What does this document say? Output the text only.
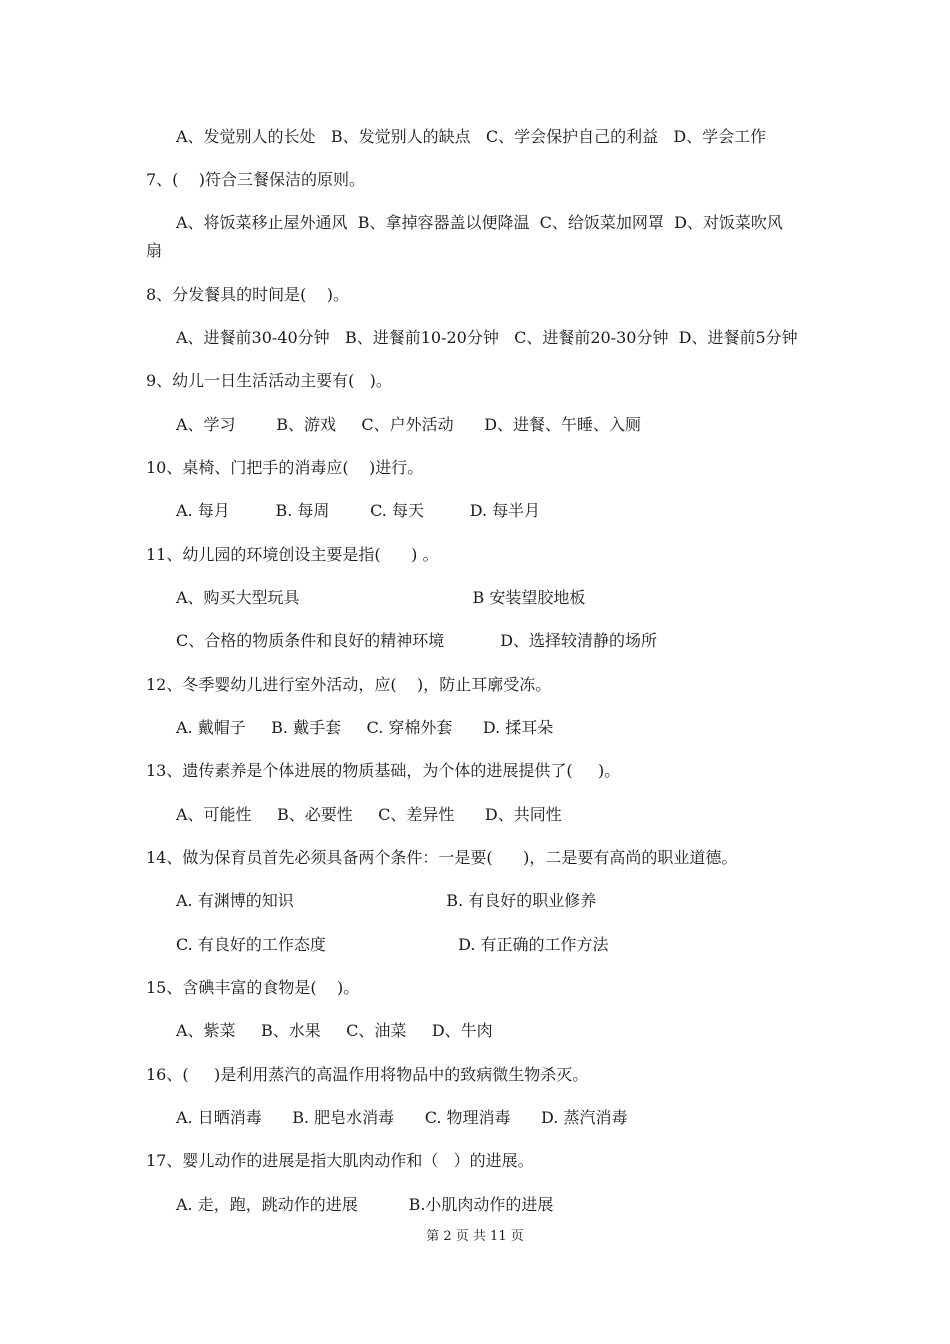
A、发觉别人的长处   B、发觉别人的缺点   C、学会保护自己的利益   D、学会工作

7、(    )符合三餐保洁的原则。

A、将饭菜移止屋外通风  B、拿掉容器盖以便降温  C、给饭菜加网罩  D、对饭菜吹风

扇

8、分发餐具的时间是(    )。

A、进餐前30-40分钟   B、进餐前10-20分钟   C、进餐前20-30分钟  D、进餐前5分钟

9、幼儿一日生活活动主要有(   )。

A、学习        B、游戏     C、户外活动      D、进餐、午睡、入厕

10、桌椅、门把手的消毒应(    )进行。

A. 每月         B. 每周        C. 每天         D. 每半月

11、幼儿园的环境创设主要是指(      ) 。

A、购买大型玩具                                  B 安装望胶地板

C、合格的物质条件和良好的精神环境           D、选择较清静的场所

12、冬季婴幼儿进行室外活动，应(    )，防止耳廓受冻。

A. 戴帽子     B. 戴手套     C. 穿棉外套      D. 揉耳朵

13、遗传素养是个体进展的物质基础，为个体的进展提供了(     )。

A、可能性     B、必要性     C、差异性      D、共同性

14、做为保育员首先必须具备两个条件：一是要(      )，二是要有高尚的职业道德。

A. 有渊博的知识                              B. 有良好的职业修养

C. 有良好的工作态度                          D. 有正确的工作方法

15、含碘丰富的食物是(    )。

A、紫菜     B、水果     C、油菜     D、牛肉

16、(     )是利用蒸汽的高温作用将物品中的致病微生物杀灭。

A. 日晒消毒      B. 肥皂水消毒      C. 物理消毒      D. 蒸汽消毒

17、婴儿动作的进展是指大肌肉动作和（   ）的进展。

A. 走，跑，跳动作的进展          B.小肌肉动作的进展

第 2 页 共 11 页
